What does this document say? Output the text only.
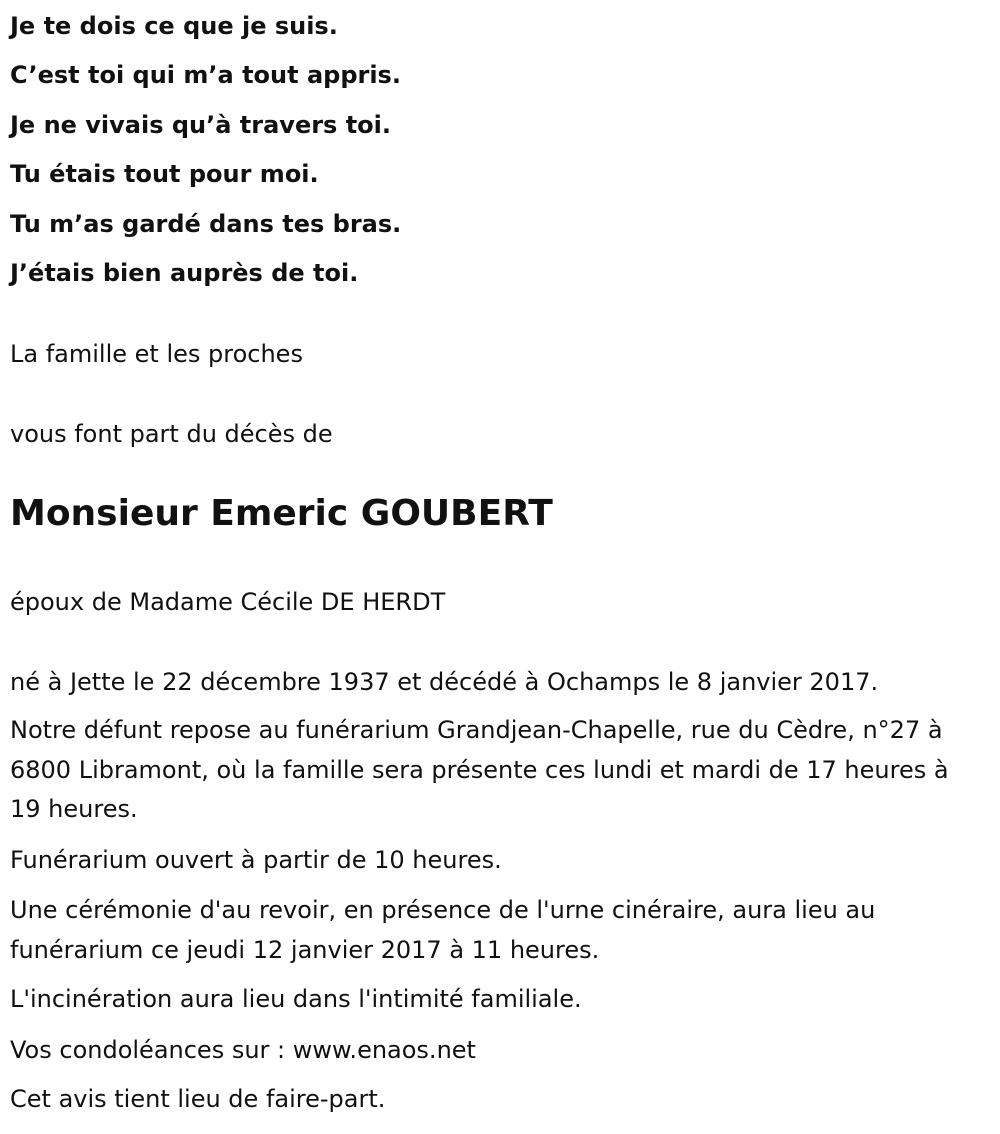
Je te dois ce que je suis.
C’est toi qui m’a tout appris.
Je ne vivais qu’à travers toi.
Tu étais tout pour moi.
Tu m’as gardé dans tes bras.
J’étais bien auprès de toi.
La famille et les proches
vous font part du décès de
Monsieur Emeric GOUBERT
époux de Madame Cécile DE HERDT
né à Jette le 22 décembre 1937 et décédé à Ochamps le 8 janvier 2017.
Notre défunt repose au funérarium Grandjean-Chapelle, rue du Cèdre, n°27 à 6800 Libramont, où la famille sera présente ces lundi et mardi de 17 heures à 19 heures.
Funérarium ouvert à partir de 10 heures.
Une cérémonie d'au revoir, en présence de l'urne cinéraire, aura lieu au funérarium ce jeudi 12 janvier 2017 à 11 heures.
L'incinération aura lieu dans l'intimité familiale.
Vos condoléances sur : www.enaos.net
Cet avis tient lieu de faire-part.
